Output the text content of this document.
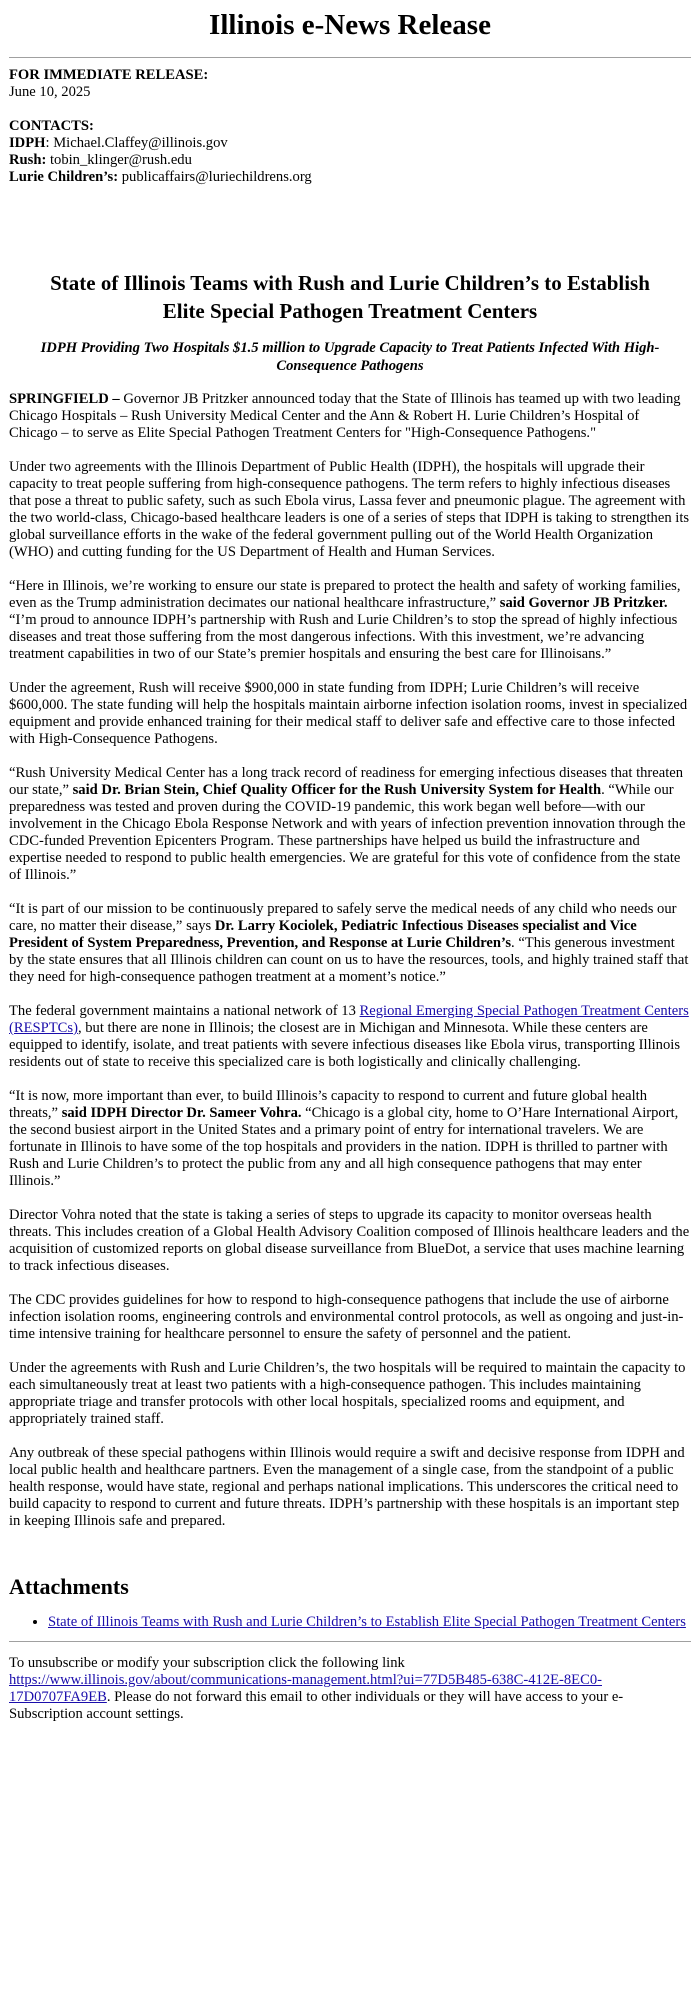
Illinois e-News Release
FOR IMMEDIATE RELEASE:
June 10, 2025
CONTACTS:
IDPH: Michael.Claffey@illinois.gov
Rush: tobin_klinger@rush.edu
Lurie Children’s: publicaffairs@luriechildrens.org
State of Illinois Teams with Rush and Lurie Children’s to Establish Elite Special Pathogen Treatment Centers
IDPH Providing Two Hospitals $1.5 million to Upgrade Capacity to Treat Patients Infected With High-Consequence Pathogens

SPRINGFIELD – Governor JB Pritzker announced today that the State of Illinois has teamed up with two leading Chicago Hospitals – Rush University Medical Center and the Ann & Robert H. Lurie Children’s Hospital of Chicago – to serve as Elite Special Pathogen Treatment Centers for "High-Consequence Pathogens."

Under two agreements with the Illinois Department of Public Health (IDPH), the hospitals will upgrade their capacity to treat people suffering from high-consequence pathogens. The term refers to highly infectious diseases that pose a threat to public safety, such as such Ebola virus, Lassa fever and pneumonic plague. The agreement with the two world-class, Chicago-based healthcare leaders is one of a series of steps that IDPH is taking to strengthen its global surveillance efforts in the wake of the federal government pulling out of the World Health Organization (WHO) and cutting funding for the US Department of Health and Human Services.

“Here in Illinois, we’re working to ensure our state is prepared to protect the health and safety of working families, even as the Trump administration decimates our national healthcare infrastructure,” said Governor JB Pritzker. “I’m proud to announce IDPH’s partnership with Rush and Lurie Children’s to stop the spread of highly infectious diseases and treat those suffering from the most dangerous infections. With this investment, we’re advancing treatment capabilities in two of our State’s premier hospitals and ensuring the best care for Illinoisans.”

Under the agreement, Rush will receive $900,000 in state funding from IDPH; Lurie Children’s will receive $600,000. The state funding will help the hospitals maintain airborne infection isolation rooms, invest in specialized equipment and provide enhanced training for their medical staff to deliver safe and effective care to those infected with High-Consequence Pathogens.

“Rush University Medical Center has a long track record of readiness for emerging infectious diseases that threaten our state,” said Dr. Brian Stein, Chief Quality Officer for the Rush University System for Health. “While our preparedness was tested and proven during the COVID-19 pandemic, this work began well before—with our involvement in the Chicago Ebola Response Network and with years of infection prevention innovation through the CDC-funded Prevention Epicenters Program. These partnerships have helped us build the infrastructure and expertise needed to respond to public health emergencies. We are grateful for this vote of confidence from the state of Illinois.”

“It is part of our mission to be continuously prepared to safely serve the medical needs of any child who needs our care, no matter their disease,” says Dr. Larry Kociolek, Pediatric Infectious Diseases specialist and Vice President of System Preparedness, Prevention, and Response at Lurie Children’s. “This generous investment by the state ensures that all Illinois children can count on us to have the resources, tools, and highly trained staff that they need for high-consequence pathogen treatment at a moment’s notice.”

The federal government maintains a national network of 13 Regional Emerging Special Pathogen Treatment Centers (RESPTCs), but there are none in Illinois; the closest are in Michigan and Minnesota. While these centers are equipped to identify, isolate, and treat patients with severe infectious diseases like Ebola virus, transporting Illinois residents out of state to receive this specialized care is both logistically and clinically challenging.

“It is now, more important than ever, to build Illinois’s capacity to respond to current and future global health threats,” said IDPH Director Dr. Sameer Vohra. “Chicago is a global city, home to O’Hare International Airport, the second busiest airport in the United States and a primary point of entry for international travelers. We are fortunate in Illinois to have some of the top hospitals and providers in the nation. IDPH is thrilled to partner with Rush and Lurie Children’s to protect the public from any and all high consequence pathogens that may enter Illinois.”

Director Vohra noted that the state is taking a series of steps to upgrade its capacity to monitor overseas health threats. This includes creation of a Global Health Advisory Coalition composed of Illinois healthcare leaders and the acquisition of customized reports on global disease surveillance from BlueDot, a service that uses machine learning to track infectious diseases.

The CDC provides guidelines for how to respond to high-consequence pathogens that include the use of airborne infection isolation rooms, engineering controls and environmental control protocols, as well as ongoing and just-in-time intensive training for healthcare personnel to ensure the safety of personnel and the patient.

Under the agreements with Rush and Lurie Children’s, the two hospitals will be required to maintain the capacity to each simultaneously treat at least two patients with a high-consequence pathogen. This includes maintaining appropriate triage and transfer protocols with other local hospitals, specialized rooms and equipment, and appropriately trained staff.

Any outbreak of these special pathogens within Illinois would require a swift and decisive response from IDPH and local public health and healthcare partners. Even the management of a single case, from the standpoint of a public health response, would have state, regional and perhaps national implications. This underscores the critical need to build capacity to respond to current and future threats. IDPH’s partnership with these hospitals is an important step in keeping Illinois safe and prepared.

Attachments
• State of Illinois Teams with Rush and Lurie Children’s to Establish Elite Special Pathogen Treatment Centers

To unsubscribe or modify your subscription click the following link https://www.illinois.gov/about/communications-management.html?ui=77D5B485-638C-412E-8EC0-17D0707FA9EB. Please do not forward this email to other individuals or they will have access to your e-Subscription account settings.
